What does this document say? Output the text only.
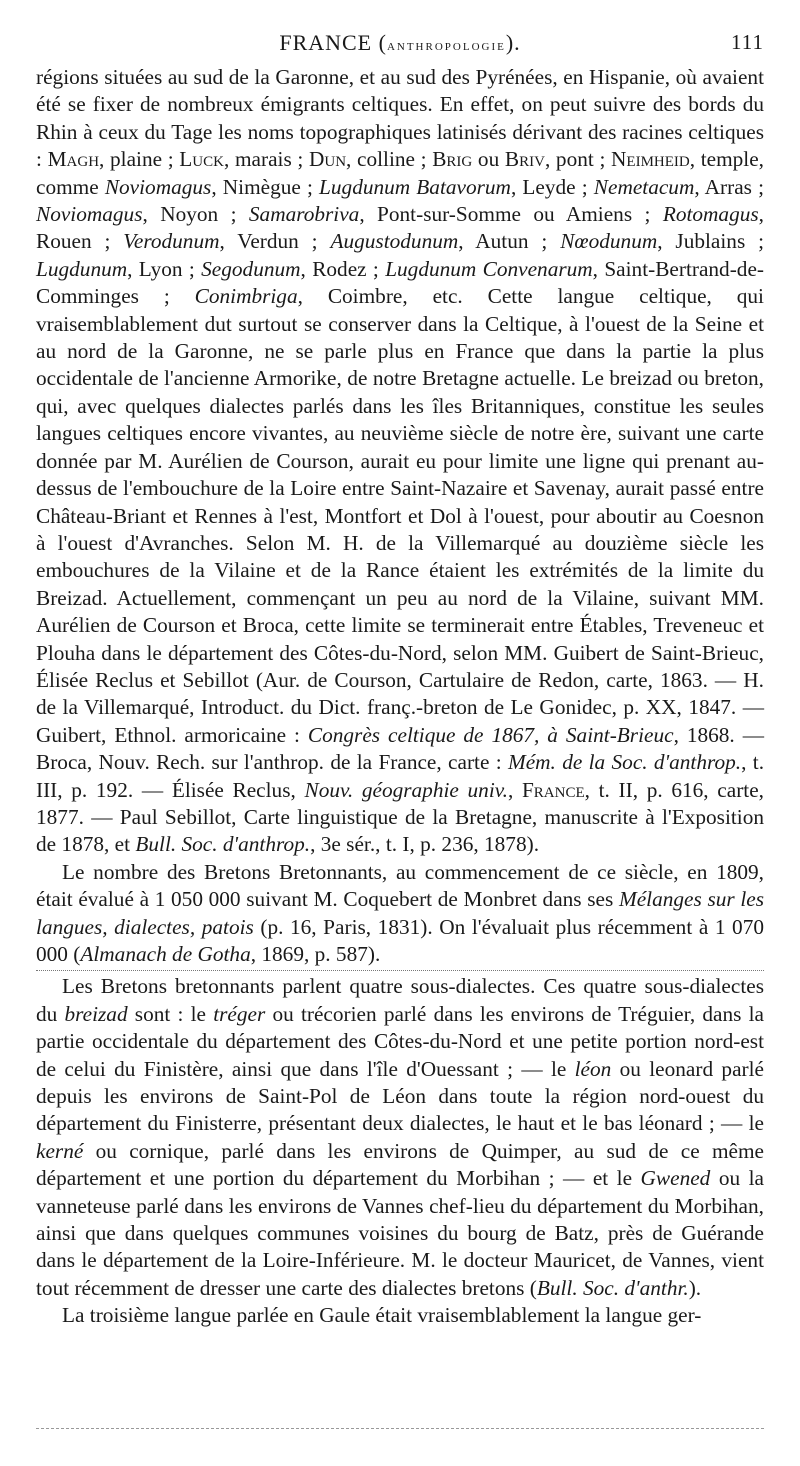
FRANCE (anthropologie).	111

régions situées au sud de la Garonne, et au sud des Pyrénées, en Hispanie, où avaient été se fixer de nombreux émigrants celtiques. En effet, on peut suivre des bords du Rhin à ceux du Tage les noms topographiques latinisés dérivant des racines celtiques : Magh, plaine ; Luck, marais ; Dun, colline ; Brig ou Briv, pont ; Neimheid, temple, comme Noviomagus, Nimègue ; Lugdunum Batavorum, Leyde ; Nemetacum, Arras ; Noviomagus, Noyon ; Samarobriva, Pont-sur-Somme ou Amiens ; Rotomagus, Rouen ; Verodunum, Verdun ; Augustodunum, Autun ; Nœodunum, Jublains ; Lugdunum, Lyon ; Segodunum, Rodez ; Lugdunum Convenarum, Saint-Bertrand-de-Comminges ; Conimbriga, Coimbre, etc. Cette langue celtique, qui vraisemblablement dut surtout se conserver dans la Celtique, à l'ouest de la Seine et au nord de la Garonne, ne se parle plus en France que dans la partie la plus occidentale de l'ancienne Armorike, de notre Bretagne actuelle. Le breizad ou breton, qui, avec quelques dialectes parlés dans les îles Britanniques, constitue les seules langues celtiques encore vivantes, au neuvième siècle de notre ère, suivant une carte donnée par M. Aurélien de Courson, aurait eu pour limite une ligne qui prenant au-dessus de l'embouchure de la Loire entre Saint-Nazaire et Savenay, aurait passé entre Château-Briant et Rennes à l'est, Montfort et Dol à l'ouest, pour aboutir au Coesnon à l'ouest d'Avranches. Selon M. H. de la Villemarqué au douzième siècle les embouchures de la Vilaine et de la Rance étaient les extrémités de la limite du Breizad. Actuellement, commençant un peu au nord de la Vilaine, suivant MM. Aurélien de Courson et Broca, cette limite se terminerait entre Étables, Treveneuc et Plouha dans le département des Côtes-du-Nord, selon MM. Guibert de Saint-Brieuc, Élisée Reclus et Sebillot (Aur. de Courson, Cartulaire de Redon, carte, 1863. — H. de la Villemarqué, Introduct. du Dict. franç.-breton de Le Gonidec, p. XX, 1847. — Guibert, Ethnol. armoricaine : Congrès celtique de 1867, à Saint-Brieuc, 1868. — Broca, Nouv. Rech. sur l'anthrop. de la France, carte : Mém. de la Soc. d'anthrop., t. III, p. 192. — Élisée Reclus, Nouv. géographie univ., France, t. II, p. 616, carte, 1877. — Paul Sebillot, Carte linguistique de la Bretagne, manuscrite à l'Exposition de 1878, et Bull. Soc. d'anthrop., 3e sér., t. I, p. 236, 1878).

Le nombre des Bretons Bretonnants, au commencement de ce siècle, en 1809, était évalué à 1 050 000 suivant M. Coquebert de Monbret dans ses Mélanges sur les langues, dialectes, patois (p. 16, Paris, 1831). On l'évaluait plus récemment à 1 070 000 (Almanach de Gotha, 1869, p. 587).

Les Bretons bretonnants parlent quatre sous-dialectes. Ces quatre sous-dialectes du breizad sont : le tréger ou trécorien parlé dans les environs de Tréguier, dans la partie occidentale du département des Côtes-du-Nord et une petite portion nord-est de celui du Finistère, ainsi que dans l'île d'Ouessant ; — le léon ou leonard parlé depuis les environs de Saint-Pol de Léon dans toute la région nord-ouest du département du Finisterre, présentant deux dialectes, le haut et le bas léonard ; — le kerné ou cornique, parlé dans les environs de Quimper, au sud de ce même département et une portion du département du Morbihan ; — et le Gwened ou la vanneteuse parlé dans les environs de Vannes chef-lieu du département du Morbihan, ainsi que dans quelques communes voisines du bourg de Batz, près de Guérande dans le département de la Loire-Inférieure. M. le docteur Mauricet, de Vannes, vient tout récemment de dresser une carte des dialectes bretons (Bull. Soc. d'anthr.).

La troisième langue parlée en Gaule était vraisemblablement la langue ger-
